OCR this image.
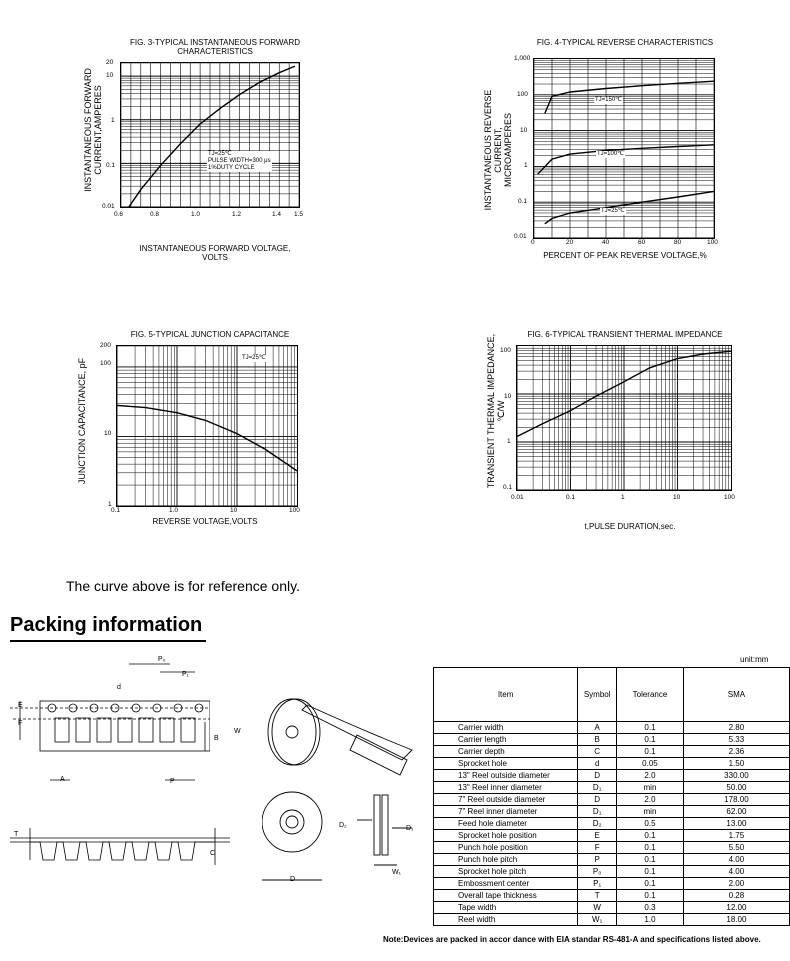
FIG. 3-TYPICAL INSTANTANEOUS FORWARD
CHARACTERISTICS
INSTANTANEOUS FORWARD
CURRENT,AMPERES	TJ=25℃
PULSE WIDTH=300 μs
1%DUTY CYCLE
20
10
1
0.1
0.01
0.6	0.8	1.0	1.2	1.4 1.5
INSTANTANEOUS FORWARD VOLTAGE,
VOLTS
FIG. 4-TYPICAL REVERSE CHARACTERISTICS
INSTANTANEOUS REVERSE CURRENT,
MICROAMPERES
TJ=150℃
TJ=100℃
TJ=25℃
1,000
100
10
1
0.1
0.01
0	20	40	60	80	100
PERCENT OF PEAK REVERSE VOLTAGE,%
FIG. 5-TYPICAL JUNCTION CAPACITANCE
JUNCTION CAPACITANCE, pF	TJ=25℃
200
100
10
1
0.1	1.0	10	100
REVERSE VOLTAGE,VOLTS
FIG. 6-TYPICAL TRANSIENT THERMAL IMPEDANCE
TRANSIENT THERMAL IMPEDANCE,
℃/W
100
10
1
0.1
0.01	0.1	1	10	100
t,PULSE DURATION,sec.
The curve above is for reference only.
Packing information
unit:mm
P₀
P₁
d
E
F
W
B
A	P
T
C
D
D₁
D₂
W₁
Item	Symbol	Tolerance	SMA
Carrier width	A	0.1	2.80
Carrier length	B	0.1	5.33
Carrier depth	C	0.1	2.36
Sprocket hole	d	0.05	1.50
13" Reel outside diameter	D	2.0	330.00
13" Reel inner diameter	D₁	min	50.00
7" Reel outside diameter	D	2.0	178.00
7" Reel inner diameter	D₁	min	62.00
Feed hole diameter	D₂	0.5	13.00
Sprocket hole position	E	0.1	1.75
Punch hole position	F	0.1	5.50
Punch hole pitch	P	0.1	4.00
Sprocket hole pitch	P₀	0.1	4.00
Embossment center	P₁	0.1	2.00
Overall tape thickness	T	0.1	0.28
Tape width	W	0.3	12.00
Reel width	W₁	1.0	18.00
Note:Devices are packed in accor dance with EIA standar RS-481-A and specifications listed above.
